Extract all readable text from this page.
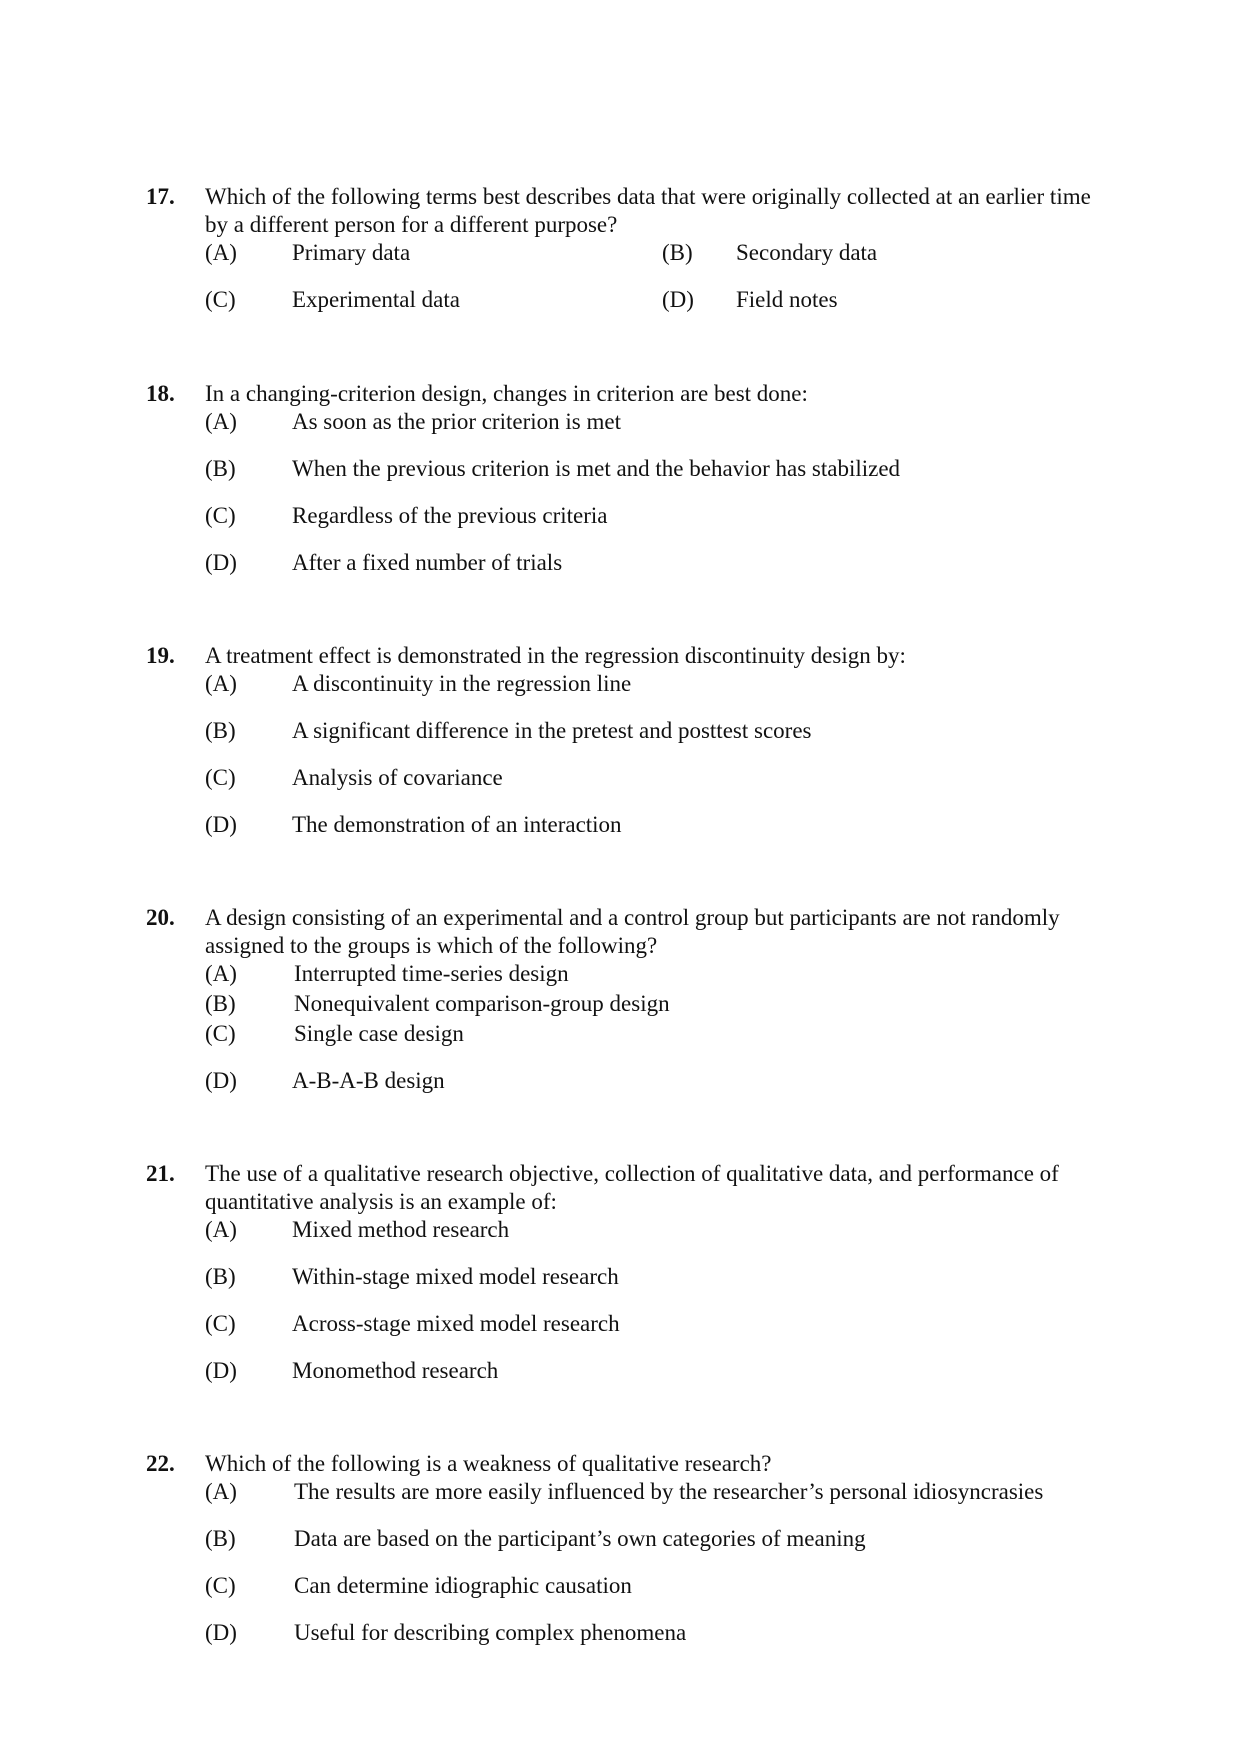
17. Which of the following terms best describes data that were originally collected at an earlier time by a different person for a different purpose?
(A) Primary data	(B) Secondary data
(C) Experimental data	(D) Field notes
18. In a changing-criterion design, changes in criterion are best done:
(A) As soon as the prior criterion is met
(B) When the previous criterion is met and the behavior has stabilized
(C) Regardless of the previous criteria
(D) After a fixed number of trials
19. A treatment effect is demonstrated in the regression discontinuity design by:
(A) A discontinuity in the regression line
(B) A significant difference in the pretest and posttest scores
(C) Analysis of covariance
(D) The demonstration of an interaction
20. A design consisting of an experimental and a control group but participants are not randomly assigned to the groups is which of the following?
(A) Interrupted time-series design
(B)	Nonequivalent comparison-group design
(C)	Single case design
(D) A-B-A-B design
21. The use of a qualitative research objective, collection of qualitative data, and performance of quantitative analysis is an example of:
(A) Mixed method research
(B) Within-stage mixed model research
(C) Across-stage mixed model research
(D) Monomethod research
22. Which of the following is a weakness of qualitative research?
(A) The results are more easily influenced by the researcher’s personal idiosyncrasies
(B)	Data are based on the participant’s own categories of meaning
(C)	Can determine idiographic causation
(D) Useful for describing complex phenomena
